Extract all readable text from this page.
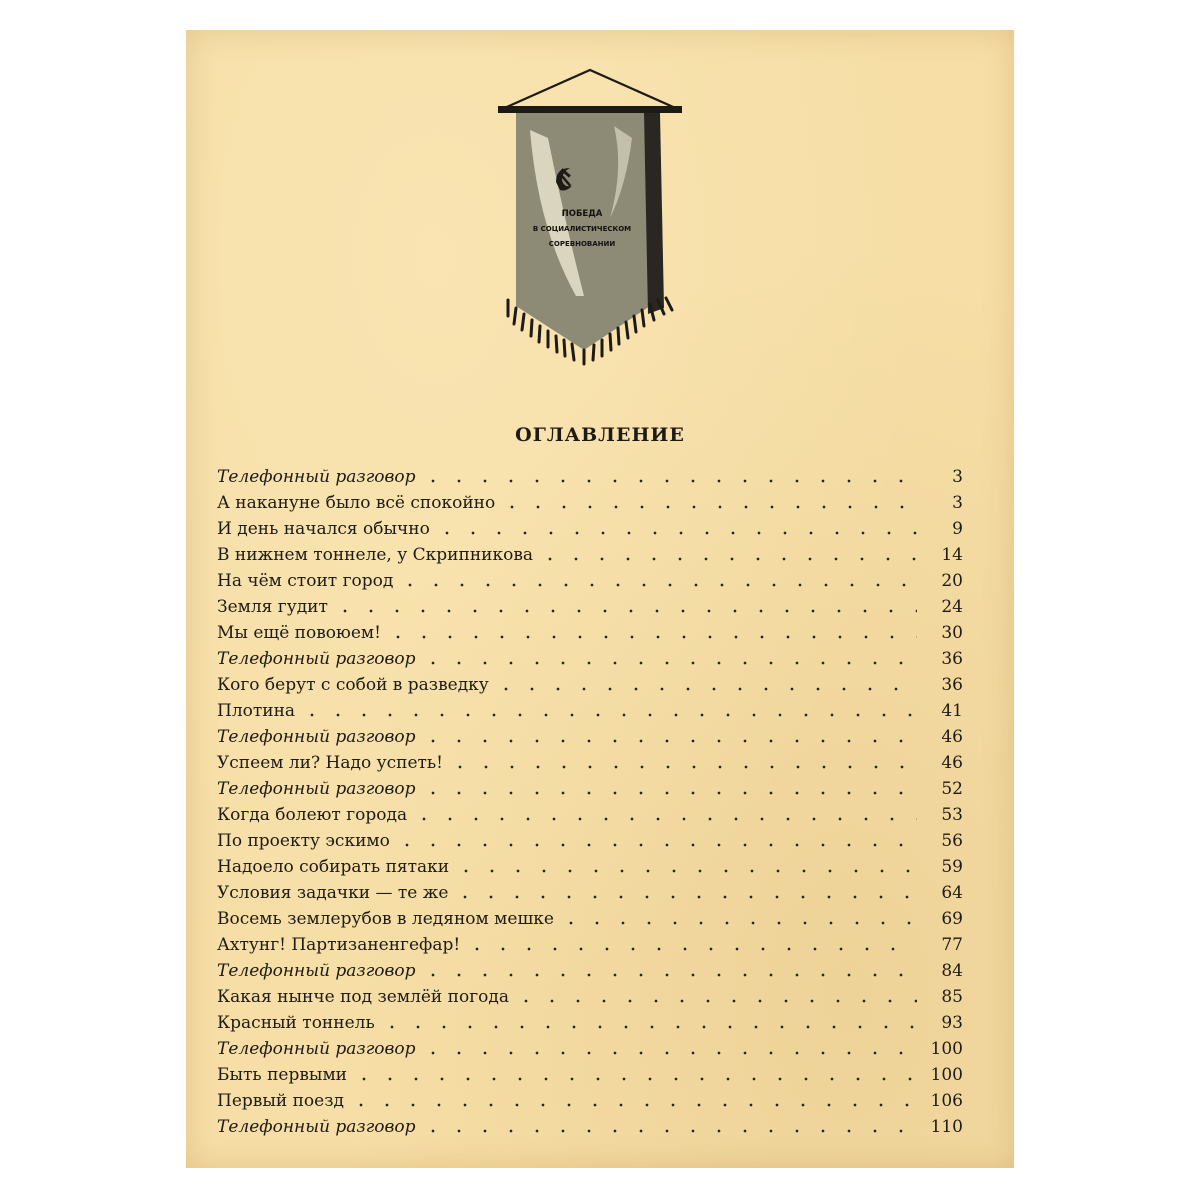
ПОБЕДА
В СОЦИАЛИСТИЧЕСКОМ
СОРЕВНОВАНИИ
ОГЛАВЛЕНИЕ
Телефонный разговор	3
А накануне было всё спокойно	3
И день начался обычно	9
В нижнем тоннеле, у Скрипникова	14
На чём стоит город	20
Земля гудит	24
Мы ещё повоюем!	30
Телефонный разговор	36
Кого берут с собой в разведку	36
Плотина	41
Телефонный разговор	46
Успеем ли? Надо успеть!	46
Телефонный разговор	52
Когда болеют города	53
По проекту эскимо	56
Надоело собирать пятаки	59
Условия задачки — те же	64
Восемь землерубов в ледяном мешке	69
Ахтунг! Партизаненгефар!	77
Телефонный разговор	84
Какая нынче под землёй погода	85
Красный тоннель	93
Телефонный разговор	100
Быть первыми	100
Первый поезд	106
Телефонный разговор	110
